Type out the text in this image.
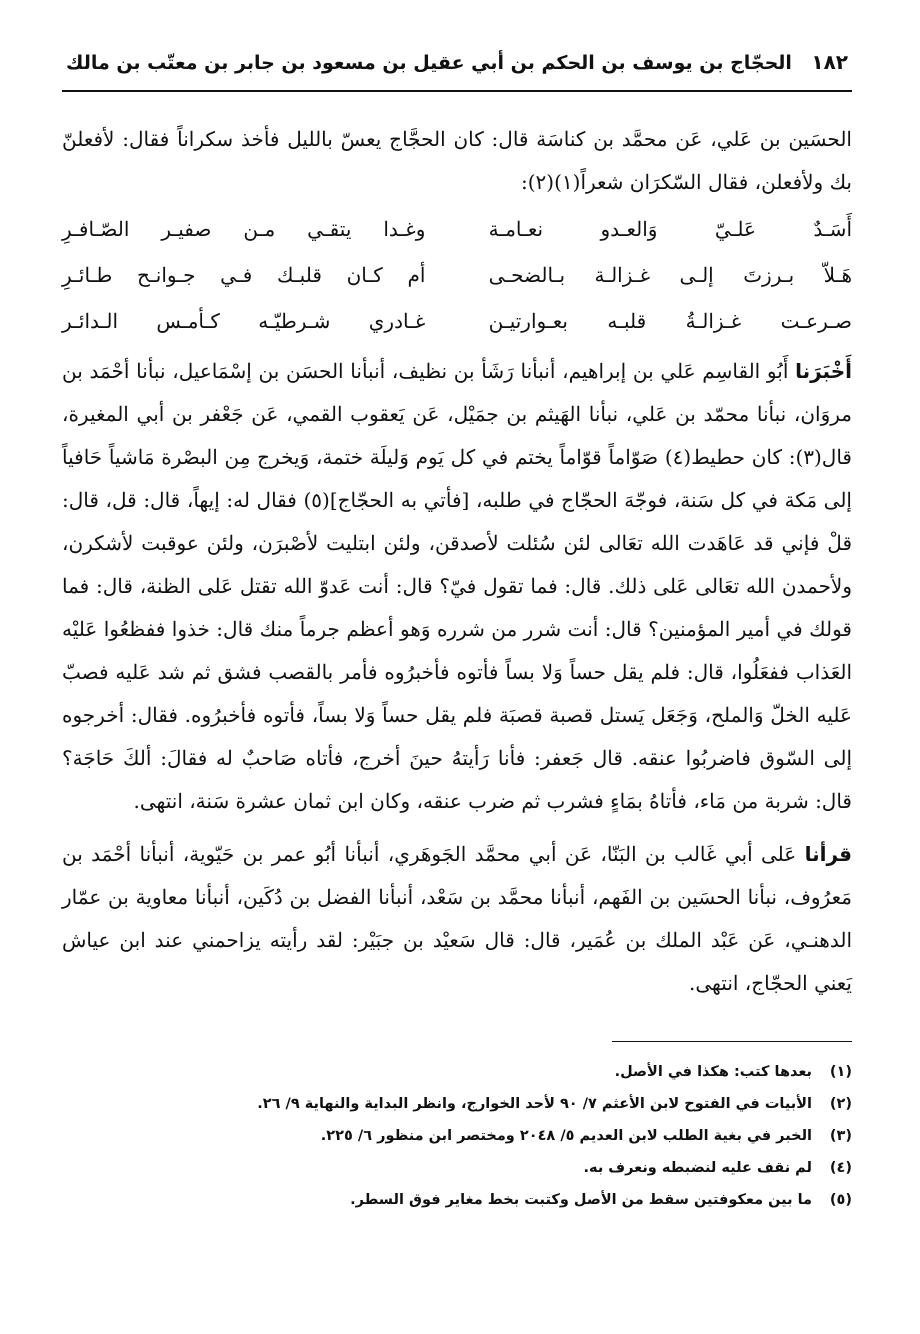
١٨٢
الحجّاج بن يوسف بن الحكم بن أبي عقيل بن مسعود بن جابر بن معتّب بن مالك

الحسَين بن عَلي، عَن محمَّد بن كناسَة قال: كان الحجَّاج يعسّ بالليل فأخذ سكراناً فقال: لأفعلنّ بك ولأفعلن، فقال السّكرَان شعراً(١)(٢):

أَسَـدٌ عَلـيّ وَالعـدو نعـامـة
وغـدا يتقـي مـن صفيـر الصّـافـرِ
هَـلاّ بـرزتَ إلـى غـزالـة بـالضحـى
أم كـان قلبـك فـي جـوانـح طـائـرِ
صـرعـت غـزالـةُ قلبـه بعـوارتيـن
غـادري شـرطيّـه كـأمـس الـدائـر

أَخْبَرَنا أَبُو القاسِم عَلي بن إبراهيم، أنبأنا رَشَأ بن نظيف، أنبأنا الحسَن بن إسْمَاعيل، نبأنا أحْمَد بن مروَان، نبأنا محمّد بن عَلي، نبأنا الهَيثم بن جمَيْل، عَن يَعقوب القمي، عَن جَعْفر بن أبي المغيرة، قال(٣): كان حطيط(٤) صَوّاماً قوّاماً يختم في كل يَوم وَليلَة ختمة، وَيخرج مِن البصْرة مَاشياً حَافياً إلى مَكة في كل سَنة، فوجّهَ الحجّاج في طلبه، [فأتي به الحجّاج](٥) فقال له: إيهاً، قال: قل، قال: قلْ فإني قد عَاهَدت الله تعَالى لئن سُئلت لأصدقن، ولئن ابتليت لأصْبرَن، ولئن عوقبت لأشكرن، ولأحمدن الله تعَالى عَلى ذلك. قال: فما تقول فيّ؟ قال: أنت عَدوّ الله تقتل عَلى الظنة، قال: فما قولك في أمير المؤمنين؟ قال: أنت شرر من شرره وَهو أعظم جرماً منك قال: خذوا ففظعُوا عَليْه العَذاب ففعَلُوا، قال: فلم يقل حساً وَلا بساً فأتوه فأخبرُوه فأمر بالقصب فشق ثم شد عَليه فصبّ عَليه الخلّ وَالملح، وَجَعَل يَستل قصبة قصبَة فلم يقل حساً وَلا بساً، فأتوه فأخبرُوه. فقال: أخرجوه إلى السّوق فاضربُوا عنقه. قال جَعفر: فأنا رَأيتهُ حينَ أخرج، فأتاه صَاحبٌ له فقالَ: ألكَ حَاجَة؟ قال: شربة من مَاء، فأتاهُ بمَاءٍ فشرب ثم ضرب عنقه، وكان ابن ثمان عشرة سَنة، انتهى.

قرأنا عَلى أبي غَالب بن البَنّا، عَن أبي محمَّد الجَوهَري، أنبأنا أبُو عمر بن حَيّوية، أنبأنا أحْمَد بن مَعرُوف، نبأنا الحسَين بن الفَهم، أنبأنا محمَّد بن سَعْد، أنبأنا الفضل بن دُكَين، أنبأنا معاوية بن عمّار الدهنـي، عَن عَبْد الملك بن عُمَير، قال: قال سَعيْد بن جبَيْر: لقد رأيته يزاحمني عند ابن عياش يَعني الحجّاج، انتهى.

(١)
بعدها كتب: هكذا في الأصل.
(٢)
الأبيات في الفتوح لابن الأعثم ٧/ ٩٠ لأحد الخوارج، وانظر البداية والنهاية ٩/ ٢٦.
(٣)
الخبر في بغية الطلب لابن العديم ٥/ ٢٠٤٨ ومختصر ابن منظور ٦/ ٢٢٥.
(٤)
لم نقف عليه لنضبطه ونعرف به.
(٥)
ما بين معكوفتين سقط من الأصل وكتبت بخط مغاير فوق السطر.
